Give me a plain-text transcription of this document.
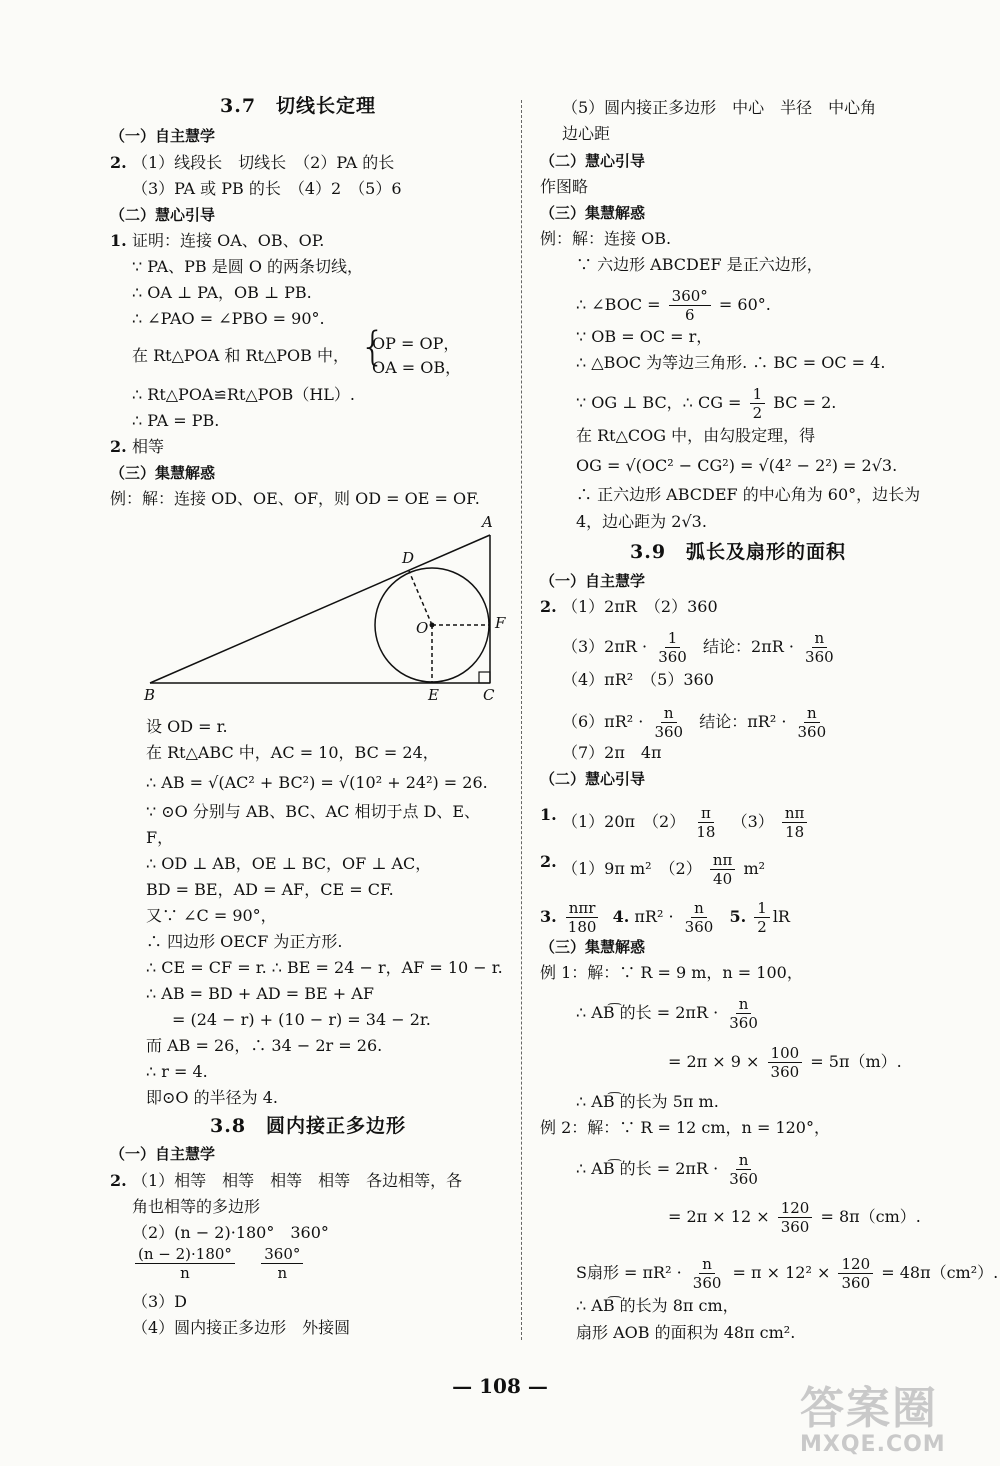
3.7　切线长定理
（一）自主慧学
2. （1）线段长　切线长　（2）PA 的长
（3）PA 或 PB 的长　（4）2　（5）6
（二）慧心引导
1. 证明：连接 OA、OB、OP.
∵ PA、PB 是圆 O 的两条切线，
∴ OA ⊥ PA，OB ⊥ PB.
∴ ∠PAO = ∠PBO = 90°.
在 Rt△POA 和 Rt△POB 中， {
OP = OP，
OA = OB，
∴ Rt△POA≌Rt△POB（HL）.
∴ PA = PB.
2. 相等
（三）集慧解惑
例：解：连接 OD、OE、OF，则 OD = OE = OF.
A
B	C
D
E
F
O
设 OD = r.
在 Rt△ABC 中，AC = 10，BC = 24，
∴ AB = √(AC² + BC²) = √(10² + 24²) = 26.
∵ ⊙O 分别与 AB、BC、AC 相切于点 D、E、
F，
∴ OD ⊥ AB，OE ⊥ BC，OF ⊥ AC，
BD = BE，AD = AF，CE = CF.
又∵ ∠C = 90°，
∴ 四边形 OECF 为正方形.
∴ CE = CF = r. ∴ BE = 24 − r，AF = 10 − r.
∴ AB = BD + AD = BE + AF
= (24 − r) + (10 − r) = 34 − 2r.
而 AB = 26，∴ 34 − 2r = 26.
∴ r = 4.
即⊙O 的半径为 4.
3.8　圆内接正多边形
（一）自主慧学
2. （1）相等　相等　相等　相等　各边相等，各
角也相等的多边形
（2）(n − 2)·180°　360°
$\frac{(n - 2)\cdot 180^\circ}{n}$
$\frac{360^\circ}{n}$
（3）D
（4）圆内接正多边形　外接圆
（5）圆内接正多边形　中心　半径　中心角
边心距
（二）慧心引导
作图略
（三）集慧解惑
例：解：连接 OB.
∵ 六边形 ABCDEF 是正六边形，
∴ ∠BOC = $\frac{360^\circ}{6} = 60^\circ$.
∵ OB = OC = r，
∴ △BOC 为等边三角形. ∴ BC = OC = 4.
∵ OG ⊥ BC，∴ CG = $\frac{1}{2}$ BC = 2.
在 Rt△COG 中，由勾股定理，得
OG = √(OC² − CG²) = √(4² − 2²) = 2√3.
∴ 正六边形 ABCDEF 的中心角为 60°，边长为
4，边心距为 2√3.
3.9　弧长及扇形的面积
（一）自主慧学
2. （1）2πR　（2）360
$(3)2\pi R \cdot \frac{1}{360}$ 结论：$2\pi R \cdot \frac{n}{360}$
（4）πR²　（5）360
$(6)\pi R^2 \cdot \frac{n}{360}$ 结论：$\pi R^2 \cdot \frac{n}{360}$
（7）2π　4π
（二）慧心引导
1. （1）20π　$(2) \frac{\pi}{18} (3) \frac{n\pi}{18}$
2. （1）9π m²　$(2) \frac{n\pi}{40} m^2$
3. $\frac{\text{nπr}}{180} 4$. $\pi R^2 \cdot \frac{n}{360} 5$. $\frac{1}{2}$ lR
（三）集慧解惑
例 1：解：∵ R = 9 m，n = 100，
∴ AB͡ 的长 = $2\pi R \cdot \frac{n}{360}$
= $2\pi \times 9 \times \frac{100}{360} = 5\pi(m)$.
∴ AB͡ 的长为 5π m.
例 2：解：∵ R = 12 cm，n = 120°，
∴ AB͡ 的长 = $2\pi R \cdot \frac{n}{360}$
= $2\pi \times 12 \times \frac{120}{360} = 8\pi(cm)$.
S扇形 = $\pi R^2 \cdot \frac{n}{360} = \pi \times 12^2 \times \frac{120}{360} = 48\pi(cm^2)$.
∴ AB͡ 的长为 8π cm，
扇形 AOB 的面积为 48π cm².
— 108 —	答案圈
MXQE.COM
